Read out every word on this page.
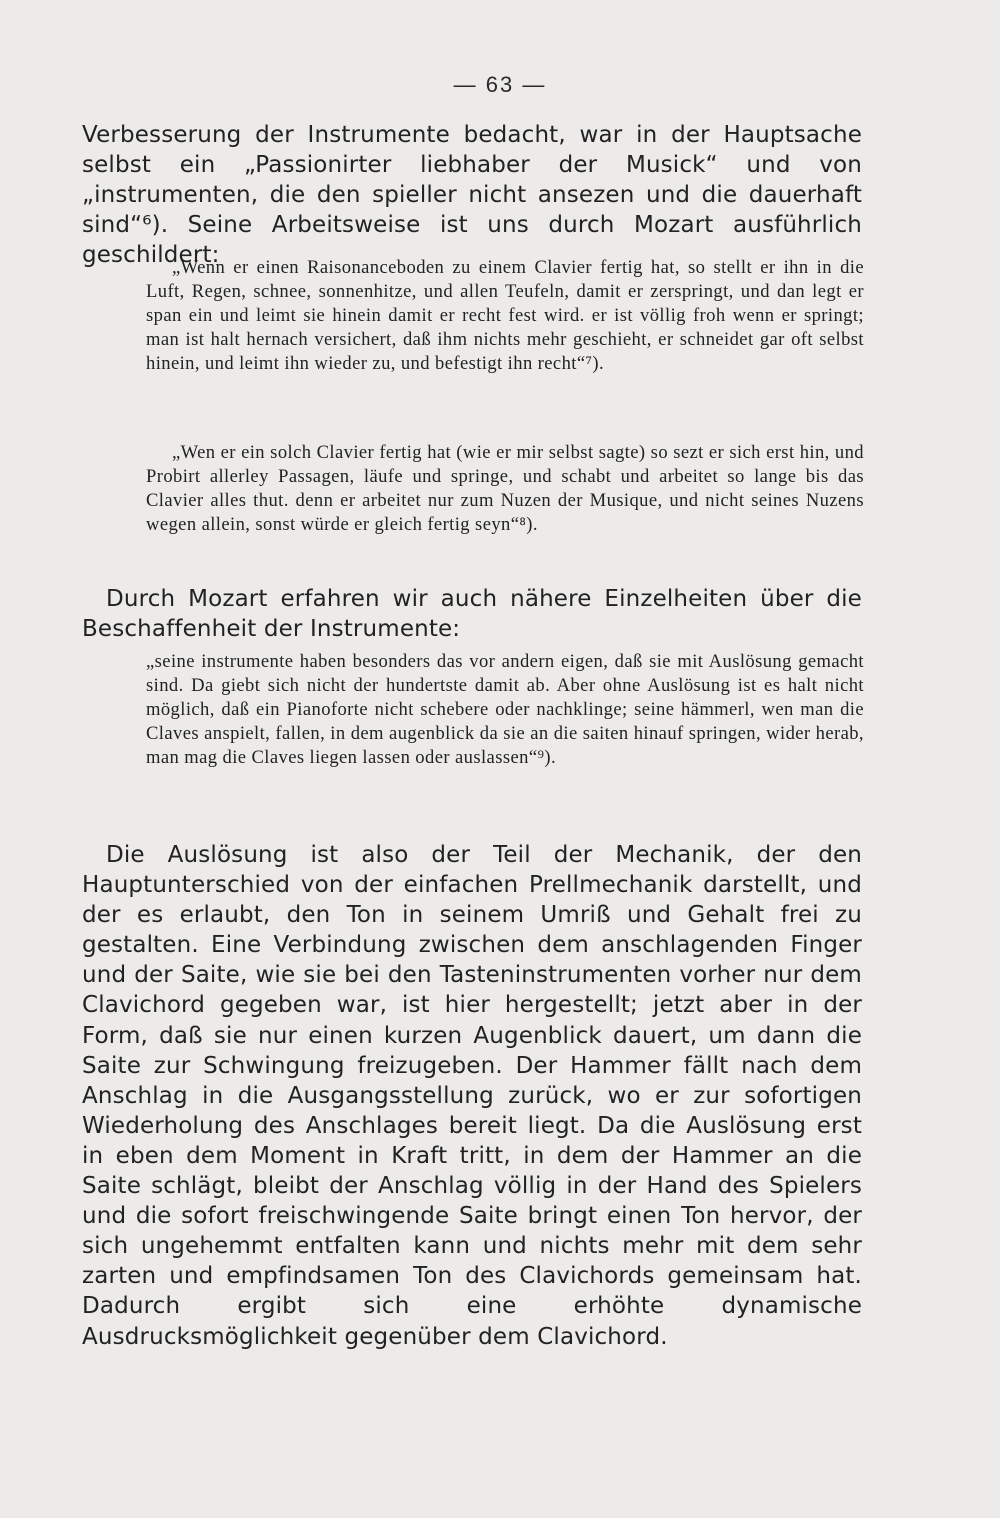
— 63 —

Verbesserung der Instrumente bedacht, war in der Hauptsache selbst ein „Passionirter liebhaber der Musick“ und von „instrumenten, die den spieller nicht ansezen und die dauerhaft sind“⁶). Seine Arbeitsweise ist uns durch Mozart ausführlich geschildert:

„Wenn er einen Raisonanceboden zu einem Clavier fertig hat, so stellt er ihn in die Luft, Regen, schnee, sonnenhitze, und allen Teufeln, damit er zerspringt, und dan legt er span ein und leimt sie hinein damit er recht fest wird. er ist völlig froh wenn er springt; man ist halt hernach versichert, daß ihm nichts mehr geschieht, er schneidet gar oft selbst hinein, und leimt ihn wieder zu, und befestigt ihn recht“⁷).

„Wen er ein solch Clavier fertig hat (wie er mir selbst sagte) so sezt er sich erst hin, und Probirt allerley Passagen, läufe und springe, und schabt und arbeitet so lange bis das Clavier alles thut. denn er arbeitet nur zum Nuzen der Musique, und nicht seines Nuzens wegen allein, sonst würde er gleich fertig seyn“⁸).

Durch Mozart erfahren wir auch nähere Einzelheiten über die Beschaffenheit der Instrumente:

„seine instrumente haben besonders das vor andern eigen, daß sie mit Auslösung gemacht sind. Da giebt sich nicht der hundertste damit ab. Aber ohne Auslösung ist es halt nicht möglich, daß ein Pianoforte nicht schebere oder nachklinge; seine hämmerl, wen man die Claves anspielt, fallen, in dem augenblick da sie an die saiten hinauf springen, wider herab, man mag die Claves liegen lassen oder auslassen“⁹).

Die Auslösung ist also der Teil der Mechanik, der den Hauptunterschied von der einfachen Prellmechanik darstellt, und der es erlaubt, den Ton in seinem Umriß und Gehalt frei zu gestalten. Eine Verbindung zwischen dem anschlagenden Finger und der Saite, wie sie bei den Tasteninstrumenten vorher nur dem Clavichord gegeben war, ist hier hergestellt; jetzt aber in der Form, daß sie nur einen kurzen Augenblick dauert, um dann die Saite zur Schwingung freizugeben. Der Hammer fällt nach dem Anschlag in die Ausgangsstellung zurück, wo er zur sofortigen Wiederholung des Anschlages bereit liegt. Da die Auslösung erst in eben dem Moment in Kraft tritt, in dem der Hammer an die Saite schlägt, bleibt der Anschlag völlig in der Hand des Spielers und die sofort freischwingende Saite bringt einen Ton hervor, der sich ungehemmt entfalten kann und nichts mehr mit dem sehr zarten und empfindsamen Ton des Clavichords gemeinsam hat. Dadurch ergibt sich eine erhöhte dynamische Ausdrucksmöglichkeit gegenüber dem Clavichord.
